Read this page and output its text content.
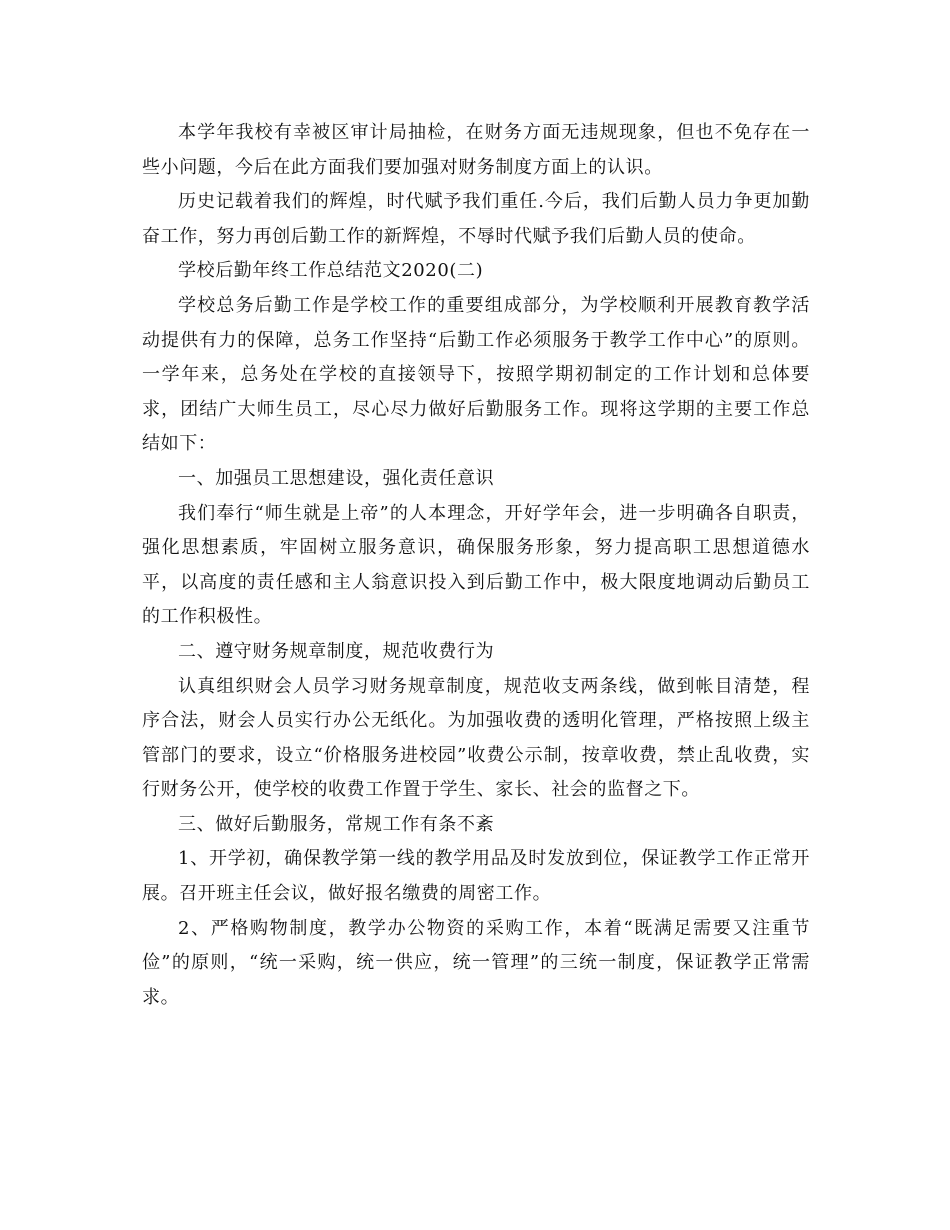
本学年我校有幸被区审计局抽检，在财务方面无违规现象，但也不免存在一些小问题，今后在此方面我们要加强对财务制度方面上的认识。

历史记载着我们的辉煌，时代赋予我们重任.今后，我们后勤人员力争更加勤奋工作，努力再创后勤工作的新辉煌，不辱时代赋予我们后勤人员的使命。

学校后勤年终工作总结范文2020(二)

学校总务后勤工作是学校工作的重要组成部分，为学校顺利开展教育教学活动提供有力的保障，总务工作坚持“后勤工作必须服务于教学工作中心”的原则。一学年来，总务处在学校的直接领导下，按照学期初制定的工作计划和总体要求，团结广大师生员工，尽心尽力做好后勤服务工作。现将这学期的主要工作总结如下：

一、加强员工思想建设，强化责任意识

我们奉行“师生就是上帝”的人本理念，开好学年会，进一步明确各自职责，强化思想素质，牢固树立服务意识，确保服务形象，努力提高职工思想道德水平，以高度的责任感和主人翁意识投入到后勤工作中，极大限度地调动后勤员工的工作积极性。

二、遵守财务规章制度，规范收费行为

认真组织财会人员学习财务规章制度，规范收支两条线，做到帐目清楚，程序合法，财会人员实行办公无纸化。为加强收费的透明化管理，严格按照上级主管部门的要求，设立“价格服务进校园”收费公示制，按章收费，禁止乱收费，实行财务公开，使学校的收费工作置于学生、家长、社会的监督之下。

三、做好后勤服务，常规工作有条不紊

1、开学初，确保教学第一线的教学用品及时发放到位，保证教学工作正常开展。召开班主任会议，做好报名缴费的周密工作。

2、严格购物制度，教学办公物资的采购工作，本着“既满足需要又注重节俭”的原则，“统一采购，统一供应，统一管理”的三统一制度，保证教学正常需求。
